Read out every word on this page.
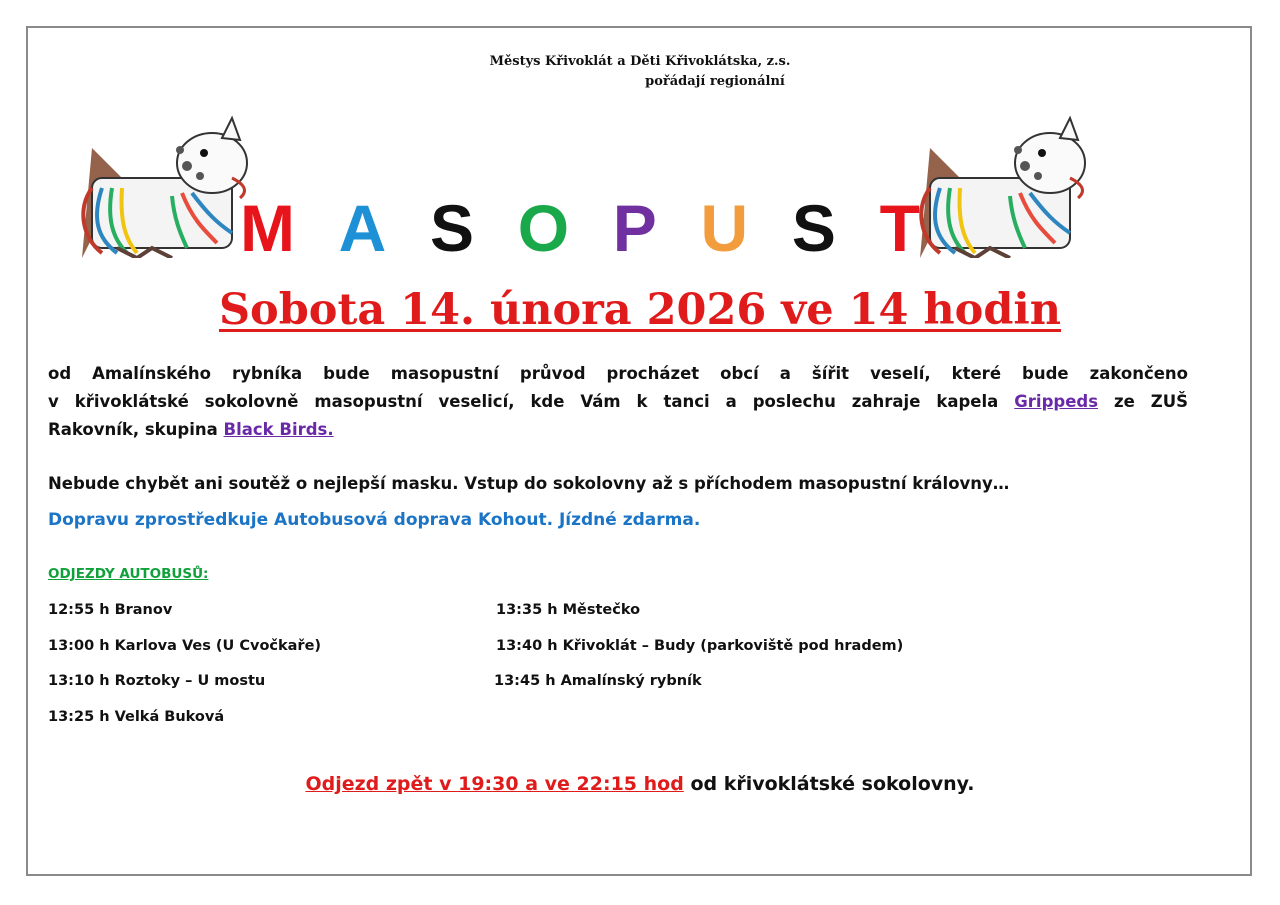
Městys Křivoklát a Děti Křivoklátska, z.s.
pořádají regionální
M A S O P U S T
Sobota 14. února 2026 ve 14 hodin
od Amalínského rybníka bude masopustní průvod procházet obcí a šířit veselí, které bude zakončeno
v křivoklátské sokolovně masopustní veselicí, kde Vám k tanci a poslechu zahraje kapela Grippeds ze ZUŠ
Rakovník, skupina Black Birds.
Nebude chybět ani soutěž o nejlepší masku. Vstup do sokolovny až s příchodem masopustní královny…
Dopravu zprostředkuje Autobusová doprava Kohout. Jízdné zdarma.
ODJEZDY AUTOBUSŮ:
12:55 h Branov
13:00 h Karlova Ves (U Cvočkaře)
13:10 h Roztoky – U mostu
13:25 h Velká Buková
13:35 h Městečko
13:40 h Křivoklát – Budy (parkoviště pod hradem)
13:45 h Amalínský rybník
Odjezd zpět v 19:30 a ve 22:15 hod od křivoklátské sokolovny.
